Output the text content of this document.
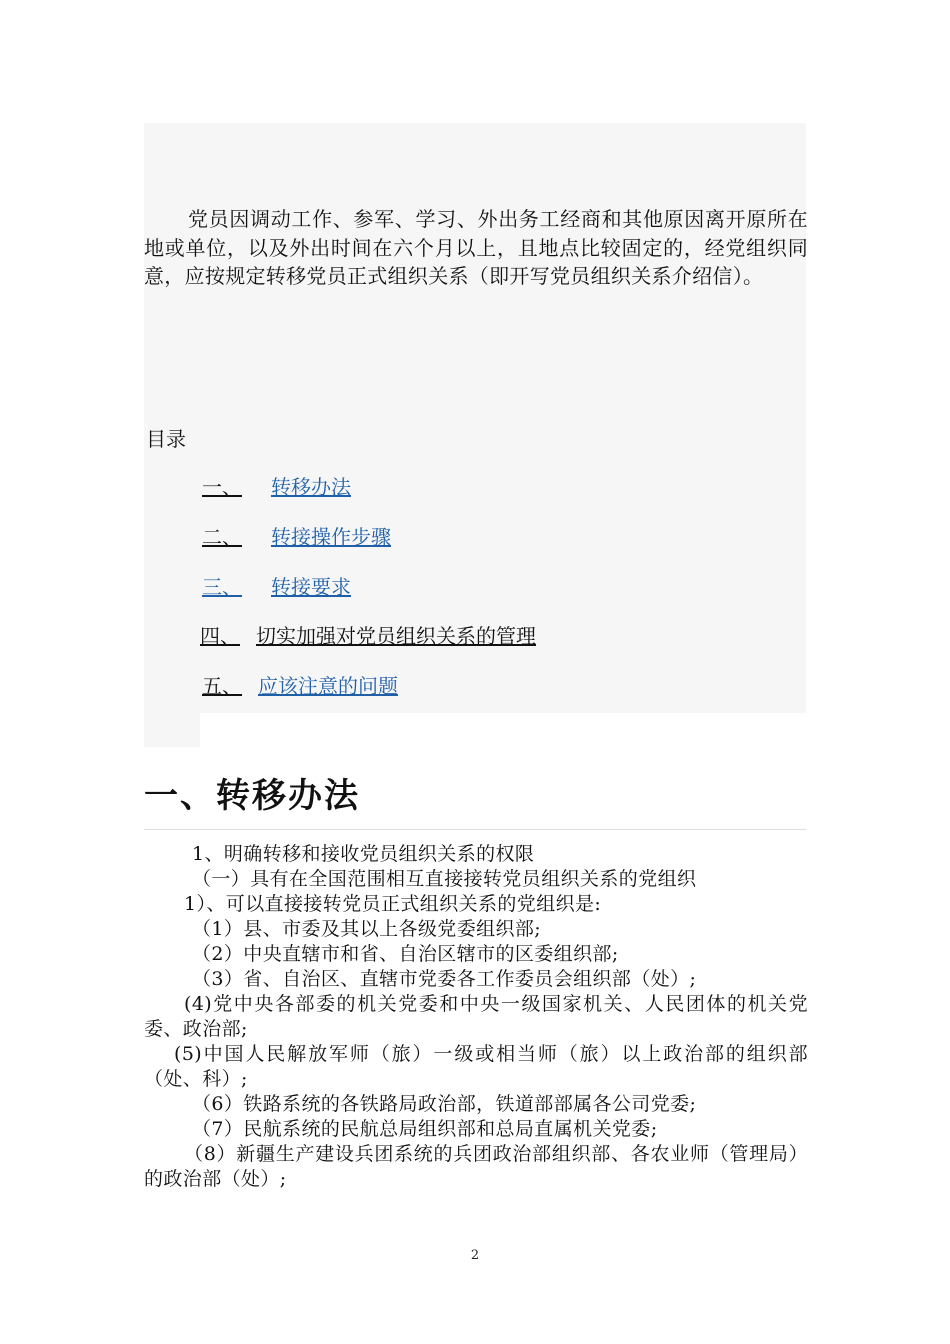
党员因调动工作、参军、学习、外出务工经商和其他原因离开原所在地或单位，以及外出时间在六个月以上，且地点比较固定的，经党组织同意，应按规定转移党员正式组织关系（即开写党员组织关系介绍信）。

目录
一、 转移办法
二、 转接操作步骤
三、 转接要求
四、 切实加强对党员组织关系的管理
五、 应该注意的问题
一、转移办法

1、明确转移和接收党员组织关系的权限

（一）具有在全国范围相互直接接转党员组织关系的党组织

1）、可以直接接转党员正式组织关系的党组织是:

（1）县、市委及其以上各级党委组织部;

（2）中央直辖市和省、自治区辖市的区委组织部;

（3）省、自治区、直辖市党委各工作委员会组织部（处）;

(4)党中央各部委的机关党委和中央一级国家机关、人民团体的机关党委、政治部;

(5)中国人民解放军师（旅）一级或相当师（旅）以上政治部的组织部（处、科）;

（6）铁路系统的各铁路局政治部，铁道部部属各公司党委;

（7）民航系统的民航总局组织部和总局直属机关党委;

（8）新疆生产建设兵团系统的兵团政治部组织部、各农业师（管理局）的政治部（处）;

2
